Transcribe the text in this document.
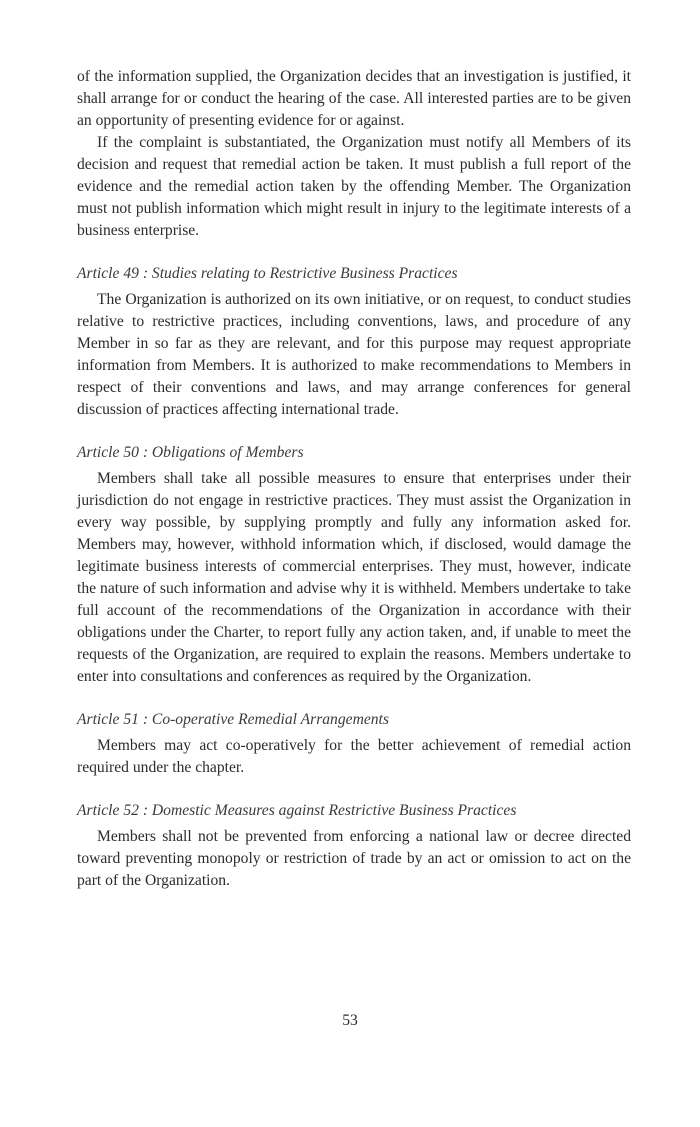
of the information supplied, the Organization decides that an investigation is justified, it shall arrange for or conduct the hearing of the case. All interested parties are to be given an opportunity of presenting evidence for or against.

If the complaint is substantiated, the Organization must notify all Members of its decision and request that remedial action be taken. It must publish a full report of the evidence and the remedial action taken by the offending Member. The Organization must not publish information which might result in injury to the legitimate interests of a business enterprise.

Article 49 : Studies relating to Restrictive Business Practices

The Organization is authorized on its own initiative, or on request, to conduct studies relative to restrictive practices, including conventions, laws, and procedure of any Member in so far as they are relevant, and for this purpose may request appropriate information from Members. It is authorized to make recommendations to Members in respect of their conventions and laws, and may arrange conferences for general discussion of practices affecting international trade.

Article 50 : Obligations of Members

Members shall take all possible measures to ensure that enterprises under their jurisdiction do not engage in restrictive practices. They must assist the Organization in every way possible, by supplying promptly and fully any information asked for. Members may, however, withhold information which, if disclosed, would damage the legitimate business interests of commercial enterprises. They must, however, indicate the nature of such information and advise why it is withheld. Members undertake to take full account of the recommendations of the Organization in accordance with their obligations under the Charter, to report fully any action taken, and, if unable to meet the requests of the Organization, are required to explain the reasons. Members undertake to enter into consultations and conferences as required by the Organization.

Article 51 : Co-operative Remedial Arrangements

Members may act co-operatively for the better achievement of remedial action required under the chapter.

Article 52 : Domestic Measures against Restrictive Business Practices

Members shall not be prevented from enforcing a national law or decree directed toward preventing monopoly or restriction of trade by an act or omission to act on the part of the Organization.

53
